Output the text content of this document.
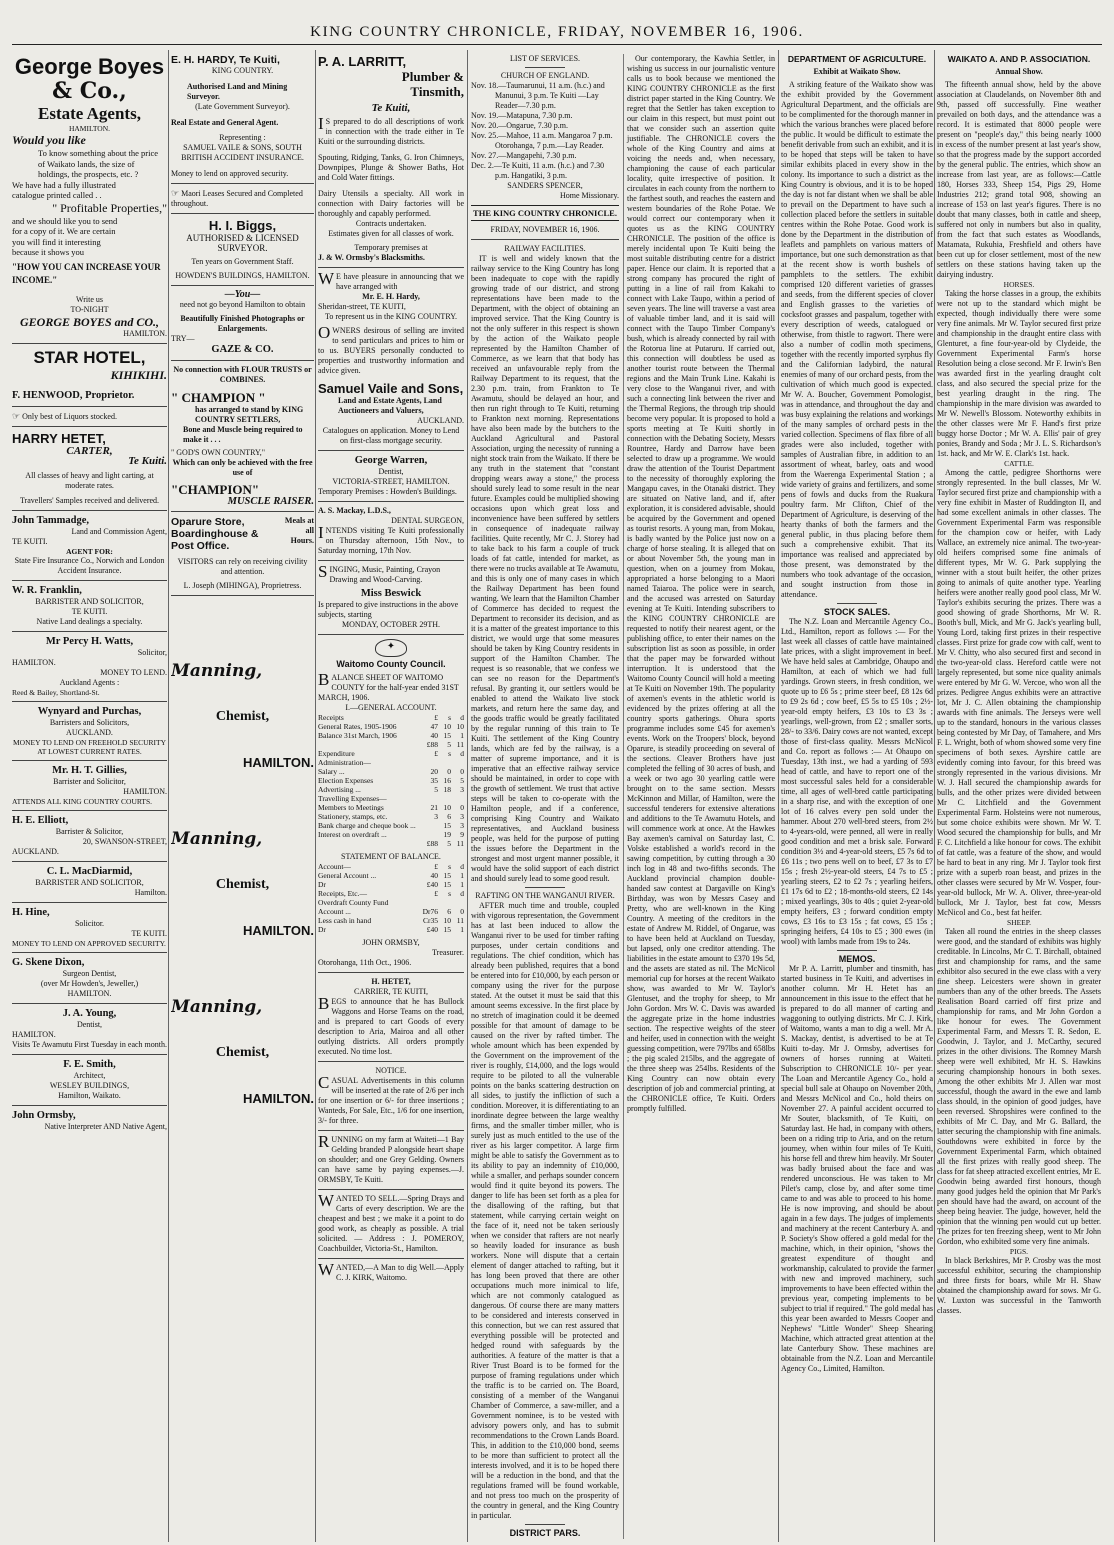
KING COUNTRY CHRONICLE, FRIDAY, NOVEMBER 16, 1906.
George Boyes
& Co.,
Estate Agents,
HAMILTON.
Would you like
To know something about the price of Waikato lands, the size of holdings, the prospects, etc. ?
We have had a fully illustrated catalogue printed called . .
" Profitable Properties,"
and we should like you to send for a copy of it. We are certain you will find it interesting because it shows you
"HOW YOU CAN INCREASE YOUR INCOME."
Write us
TO-NIGHT
GEORGE BOYES and CO.,
HAMILTON.
STAR HOTEL,
KIHIKIHI.
F. HENWOOD, Proprietor.
☞ Only best of Liquors stocked.
HARRY HETET,
CARTER,
Te Kuiti.
All classes of heavy and light carting, at moderate rates.
Travellers' Samples received and delivered.
John Tammadge,
Land and Commission Agent,
TE KUITI.
AGENT FOR:
State Fire Insurance Co., Norwich and London Accident Insurance.
W. R. Franklin,
BARRISTER AND SOLICITOR,
TE KUITI.
Native Land dealings a specialty.
Mr Percy H. Watts,
Solicitor,
HAMILTON.
MONEY TO LEND.
Auckland Agents :
Reed & Bailey, Shortland-St.
Wynyard and Purchas,
Barristers and Solicitors,
AUCKLAND.
MONEY TO LEND ON FREEHOLD SECURITY AT LOWEST CURRENT RATES.
Mr. H. T. Gillies,
Barrister and Solicitor,
HAMILTON.
ATTENDS ALL KING COUNTRY COURTS.
H. E. Elliott,
Barrister & Solicitor,
20, SWANSON-STREET,
AUCKLAND.
C. L. MacDiarmid,
BARRISTER AND SOLICITOR,
Hamilton.
H. Hine,
Solicitor.
TE KUITI.
MONEY TO LEND ON APPROVED SECURITY.
G. Skene Dixon,
Surgeon Dentist,
(over Mr Howden's, Jeweller,)
HAMILTON.
J. A. Young,
Dentist,
HAMILTON.
Visits Te Awamutu First Tuesday in each month.
F. E. Smith,
Architect,
WESLEY BUILDINGS,
Hamilton, Waikato.
John Ormsby,
Native Interpreter AND Native Agent,
E. H. HARDY, Te Kuiti,
KING COUNTRY.
Authorised Land and Mining Surveyor.
(Late Government Surveyor).
Real Estate and General Agent.
Representing :
SAMUEL VAILE & SONS, SOUTH BRITISH ACCIDENT INSURANCE.
Money to lend on approved security.
☞ Maori Leases Secured and Completed throughout.
H. I. Biggs,
AUTHORISED & LICENSED SURVEYOR.
Ten years on Government Staff.
HOWDEN'S BUILDINGS, HAMILTON.
—You—
need not go beyond Hamilton to obtain
Beautifully Finished Photographs or Enlargements.
TRY—
GAZE & CO.
No connection with FLOUR TRUSTS or COMBINES.
" CHAMPION "
has arranged to stand by KING COUNTRY SETTLERS,
Bone and Muscle being required to make it . . .
" GOD'S OWN COUNTRY,"
Which can only be achieved with the free use of
"CHAMPION"
MUSCLE RAISER.
Oparure Store, Boardinghouse & Post Office.
Meals at all Hours.
VISITORS can rely on receiving civility and attention.
L. Joseph (MIHINGA), Proprietress.
Manning,
Chemist,
HAMILTON.
Manning,
Chemist,
HAMILTON.
Manning,
Chemist,
HAMILTON.
P. A. LARRITT,
Plumber & Tinsmith,
Te Kuiti,
IS prepared to do all descriptions of work in connection with the trade either in Te Kuiti or the surrounding districts.
Spouting, Ridging, Tanks, G. Iron Chimneys, Downpipes, Plunge & Shower Baths, Hot and Cold Water fittings.
Dairy Utensils a specialty. All work in connection with Dairy factories will be thoroughly and capably performed.
Contracts undertaken.
Estimates given for all classes of work.
Temporary premises at
J. & W. Ormsby's Blacksmiths.
WE have pleasure in announcing that we have arranged with
Mr. E. H. Hardy,
Sheridan-street, TE KUITI,
To represent us in the KING COUNTRY.
OWNERS desirous of selling are invited to send particulars and prices to him or to us. BUYERS personally conducted to properties and trustworthy information and advice given.
Samuel Vaile and Sons,
Land and Estate Agents, Land Auctioneers and Valuers,
AUCKLAND.
Catalogues on application. Money to Lend on first-class mortgage security.
George Warren,
Dentist,
VICTORIA-STREET, HAMILTON.
Temporary Premises : Howden's Buildings.
A. S. Mackay, L.D.S.,
DENTAL SURGEON,
INTENDS visiting Te Kuiti professionally on Thursday afternoon, 15th Nov., to Saturday morning, 17th Nov.
SINGING, Music, Painting, Crayon Drawing and Wood-Carving.
Miss Beswick
Is prepared to give instructions in the above subjects, starting
MONDAY, OCTOBER 29TH.
✦
Waitomo County Council.
BALANCE SHEET OF WAITOMO COUNTY for the half-year ended 31ST MARCH, 1906.
I.—GENERAL ACCOUNT.
Receipts	£	s	d
General Rates, 1905-1906	47	10	10
Balance 31st March, 1906	40	15	1
	£88	5	11
Expenditure	£	s	d
Administration—			
Salary ...	20	0	0
Election Expenses	35	16	5
Advertising ...	5	18	3
Travelling Expenses—			
Members to Meetings	21	10	0
Stationery, stamps, etc.	3	6	3
Bank charge and cheque book ...		15	3
Interest on overdraft ...		19	9
	£88	5	11
STATEMENT OF BALANCE.
Account—	£	s	d
General Account ...	40	15	1
Dr	£40	15	1
Receipts, Etc.—	£	s	d
Overdraft County Fund			
Account ...	Dr76	6	0
Less cash in hand	Cr35	10	11
Dr	£40	15	1
JOHN ORMSBY,
Treasurer.
Otorohanga, 11th Oct., 1906.
H. HETET,
CARRIER, TE KUITI,
BEGS to announce that he has Bullock Waggons and Horse Teams on the road, and is prepared to cart Goods of every description to Aria, Mairoa and all other outlying districts. All orders promptly executed. No time lost.
NOTICE.
CASUAL Advertisements in this column will be inserted at the rate of 2/6 per inch for one insertion or 6/- for three insertions ; Wanteds, For Sale, Etc., 1/6 for one insertion, 3/- for three.
RUNNING on my farm at Waiteti—1 Bay Gelding branded P alongside heart shape on shoulder; and one Grey Gelding. Owners can have same by paying expenses.—J. ORMSBY, Te Kuiti.
WANTED TO SELL.—Spring Drays and Carts of every description. We are the cheapest and best ; we make it a point to do good work, as cheaply as possible. A trial solicited. — Address : J. POMEROY, Coachbuilder, Victoria-St., Hamilton.
WANTED,—A Man to dig Well.—Apply C. J. KIRK, Waitomo.
LIST OF SERVICES.
CHURCH OF ENGLAND.
Nov. 18.—Taumarunui, 11 a.m. (h.c.) and Manunui, 3 p.m. Te Kuiti —Lay Reader—7.30 p.m.
Nov. 19.—Matapuna, 7.30 p.m.
Nov. 20.—Ongarue, 7.30 p.m.
Nov. 25.—Mahoe, 11 a.m. Mangaroa 7 p.m. Otorohanga, 7 p.m.—Lay Reader.
Nov. 27.—Mangapehi, 7.30 p.m.
Dec. 2.—Te Kuiti, 11 a.m. (h.c.) and 7.30 p.m. Hangatiki, 3 p.m.
SANDERS SPENCER,
Home Missionary.
THE KING COUNTRY CHRONICLE.
FRIDAY, NOVEMBER 16, 1906.
RAILWAY FACILITIES.
IT is well and widely known that the railway service to the King Country has long been inadequate to cope with the rapidly growing trade of our district, and strong representations have been made to the Department, with the object of obtaining an improved service. That the King Country is not the only sufferer in this respect is shown by the action of the Waikato people represented by the Hamilton Chamber of Commerce, as we learn that that body has received an unfavourable reply from the Railway Department to its request, that the 2.30 p.m. train, from Frankton to Te Awamutu, should be delayed an hour, and then run right through to Te Kuiti, returning to Frankton next morning. Representations have also been made by the butchers to the Auckland Agricultural and Pastoral Association, urging the necessity of running a night stock train from the Waikato. If there be any truth in the statement that "constant dropping wears away a stone," the process should surely lead to some result in the near future. Examples could be multiplied showing occasions upon which great loss and inconvenience have been suffered by settlers in consequence of inadequate railway facilities. Quite recently, Mr C. J. Storey had to take back to his farm a couple of truck loads of fat cattle, intended for market, as there were no trucks available at Te Awamutu, and this is only one of many cases in which the Railway Department has been found wanting. We learn that the Hamilton Chamber of Commerce has decided to request the Department to reconsider its decision, and as it is a matter of the greatest importance to this district, we would urge that some measures should be taken by King Country residents in support of the Hamilton Chamber. The request is so reasonable, that we confess we can see no reason for the Department's refusal. By granting it, our settlers would be enabled to attend the Waikato live stock markets, and return here the same day, and the goods traffic would be greatly facilitated by the regular running of this train to Te Kuiti. The settlement of the King Country lands, which are fed by the railway, is a matter of supreme importance, and it is imperative that an effective railway service should be maintained, in order to cope with the growth of settlement. We trust that active steps will be taken to co-operate with the Hamilton people, and if a conference, comprising King Country and Waikato representatives, and Auckland business people, was held for the purpose of putting the issues before the Department in the strongest and most urgent manner possible, it would have the solid support of each district and should surely lead to some good result.
RAFTING ON THE WANGANUI RIVER.
AFTER much time and trouble, coupled with vigorous representation, the Government has at last been induced to allow the Wanganui river to be used for timber rafting purposes, under certain conditions and regulations. The chief condition, which has already been published, requires that a bond be entered into for £10,000, by each person or company using the river for the purpose stated. At the outset it must be said that this amount seems excessive. In the first place by no stretch of imagination could it be deemed possible for that amount of damage to be caused on the river by rafted timber. The whole amount which has been expended by the Government on the improvement of the river is roughly, £14,000, and the logs would require to be piloted to all the vulnerable points on the banks scattering destruction on all sides, to justify the infliction of such a condition. Moreover, it is differentiating to an inordinate degree between the large wealthy firms, and the smaller timber miller, who is surely just as much entitled to the use of the river as his larger competitor. A large firm might be able to satisfy the Government as to its ability to pay an indemnity of £10,000, while a smaller, and perhaps sounder concern would find it quite beyond its powers. The danger to life has been set forth as a plea for the disallowing of the rafting, but that statement, while carrying certain weight on the face of it, need not be taken seriously when we consider that rafters are not nearly so heavily loaded for insurance as bush workers. None will dispute that a certain element of danger attached to rafting, but it has long been proved that there are other occupations much more inimical to life, which are not commonly catalogued as dangerous. Of course there are many matters to be considered and interests conserved in this connection, but we can rest assured that everything possible will be protected and hedged round with safeguards by the authorities. A feature of the matter is that a River Trust Board is to be formed for the purpose of framing regulations under which the traffic is to be carried on. The Board, consisting of a member of the Wanganui Chamber of Commerce, a saw-miller, and a Government nominee, is to be vested with advisory powers only, and has to submit recommendations to the Crown Lands Board. This, in addition to the £10,000 bond, seems to be more than sufficient to protect all the interests involved, and it is to be hoped there will be a reduction in the bond, and that the regulations framed will be found workable, and not press too much on the prosperity of the country in general, and the King Country in particular.
DISTRICT PARS.
Our contemporary, the Kawhia Settler, in wishing us success in our journalistic venture calls us to book because we mentioned the KING COUNTRY CHRONICLE as the first district paper started in the King Country. We regret that the Settler has taken exception to our claim in this respect, but must point out that we consider such an assertion quite justifiable. The CHRONICLE covers the whole of the King Country and aims at voicing the needs and, when necessary, championing the cause of each particular locality, quite irrespective of position. It circulates in each county from the northern to the farthest south, and reaches the eastern and western boundaries of the Rohe Potae. We would correct our contemporary when it quotes us as the KING COUNTRY CHRONICLE. The position of the office is merely incidental upon Te Kuiti being the most suitable distributing centre for a district paper. Hence our claim. It is reported that a strong company has procured the right of putting in a line of rail from Kakahi to connect with Lake Taupo, within a period of seven years. The line will traverse a vast area of valuable timber land, and it is said will connect with the Taupo Timber Company's bush, which is already connected by rail with the Rotorua line at Putaruru. If carried out, this connection will doubtless be used as another tourist route between the Thermal regions and the Main Trunk Line. Kakahi is very close to the Wanganui river, and with such a connecting link between the river and the Thermal Regions, the through trip should become very popular. It is proposed to hold a sports meeting at Te Kuiti shortly in connection with the Debating Society, Messrs Rountree, Hardy and Darrow have been selected to draw up a programme. We would draw the attention of the Tourist Department to the necessity of thoroughly exploring the Mangapu caves, in the Otanaki district. They are situated on Native land, and if, after exploration, it is considered advisable, should be acquired by the Government and opened as tourist resorts. A young man, from Mokau, is badly wanted by the Police just now on a charge of horse stealing. It is alleged that on or about November 5th, the young man in question, when on a journey from Mokau, appropriated a horse belonging to a Maori named Taiaroa. The police were in search, and the accused was arrested on Saturday evening at Te Kuiti. Intending subscribers to the KING COUNTRY CHRONICLE are requested to notify their nearest agent, or the publishing office, to enter their names on the subscription list as soon as possible, in order that the paper may be forwarded without interruption. It is understood that the Waitomo County Council will hold a meeting at Te Kuiti on November 19th. The popularity of axemen's events in the athletic world is evidenced by the prizes offering at all the country sports gatherings. Ohura sports programme includes some £45 for axemen's events. Work on the Troopers' block, beyond Oparure, is steadily proceeding on several of the sections. Cleaver Brothers have just completed the felling of 30 acres of bush, and a week or two ago 30 yearling cattle were brought on to the same section. Messrs McKinnon and Millar, of Hamilton, were the successful tenderers for extensive alterations and additions to the Te Awamutu Hotels, and will commence work at once. At the Hawkes Bay axemen's carnival on Saturday last, C. Volske established a world's record in the sawing competition, by cutting through a 30 inch log in 48 and two-fifths seconds. The Auckland provincial champion double-handed saw contest at Dargaville on King's Birthday, was won by Messrs Casey and Pretty, who are well-known in the King Country. A meeting of the creditors in the estate of Andrew M. Riddel, of Ongarue, was to have been held at Auckland on Tuesday, but lapsed, only one creditor attending. The liabilities in the estate amount to £370 19s 5d, and the assets are stated as nil. The McNicol memorial cup for horses at the recent Waikato show, was awarded to Mr W. Taylor's Glentuset, and the trophy for sheep, to Mr John Gordon. Mrs W. C. Davis was awarded the aggregate prize in the home industries section. The respective weights of the steer and heifer, used in connection with the weight guessing competition, were 797lbs and 658lbs ; the pig scaled 215lbs, and the aggregate of the three sheep was 254lbs. Residents of the King Country can now obtain every description of job and commercial printing, at the CHRONICLE office, Te Kuiti. Orders promptly fulfilled.
DEPARTMENT OF AGRICULTURE.
Exhibit at Waikato Show.
A striking feature of the Waikato show was the exhibit provided by the Government Agricultural Department, and the officials are to be complimented for the thorough manner in which the various branches were placed before the public. It would be difficult to estimate the benefit derivable from such an exhibit, and it is to be hoped that steps will be taken to have similar exhibits placed in every show in the colony. Its importance to such a district as the King Country is obvious, and it is to be hoped the day is not far distant when we shall be able to prevail on the Department to have such a collection placed before the settlers in suitable centres within the Rohe Potae. Good work is done by the Department in the distribution of leaflets and pamphlets on various matters of importance, but one such demonstration as that at the recent show is worth bushels of pamphlets to the settlers. The exhibit comprised 120 different varieties of grasses and seeds, from the different species of clover and English grasses to the varieties of cocksfoot grasses and paspalum, together with every description of weeds, catalogued or otherwise, from thistle to ragwort. There were also a number of codlin moth specimens, together with the recently imported syrphus fly and the Californian ladybird, the natural enemies of many of our orchard pests, from the cultivation of which much good is expected. Mr W. A. Boucher, Government Pomologist, was in attendance, and throughout the day and was busy explaining the relations and workings of the many samples of orchard pests in the varied collection. Specimens of flax fibre of all grades were also included, together with samples of Australian fibre, in addition to an assortment of wheat, barley, oats and wood from the Waerenga Experimental Station ; a wide variety of grains and fertilizers, and some pens of fowls and ducks from the Ruakura poultry farm. Mr Clifton, Chief of the Department of Agriculture, is deserving of the hearty thanks of both the farmers and the general public, in thus placing before them such a comprehensive exhibit. That its importance was realised and appreciated by those present, was demonstrated by the numbers who took advantage of the occasion, and sought instruction from those in attendance.
STOCK SALES.
The N.Z. Loan and Mercantile Agency Co., Ltd., Hamilton, report as follows :— For the last week all classes of cattle have maintained late prices, with a slight improvement in beef. We have held sales at Cambridge, Ohaupo and Hamilton, at each of which we had full yardings. Grown steers, in fresh condition, we quote up to £6 5s ; prime steer beef, £8 12s 6d to £9 2s 6d ; cow beef, £5 5s to £5 10s ; 2½-year-old empty heifers, £3 10s to £3 3s ; yearlings, well-grown, from £2 ; smaller sorts, 28/- to 33/6. Dairy cows are not wanted, except those of first-class quality. Messrs McNicol and Co. report as follows :— At Ohaupo on Tuesday, 13th inst., we had a yarding of 593 head of cattle, and have to report one of the most successful sales held for a considerable time, all ages of well-bred cattle participating in a sharp rise, and with the exception of one lot of 16 calves every pen sold under the hammer. About 270 well-bred steers, from 2½ to 4-years-old, were penned, all were in really good condition and met a brisk sale. Forward condition 3½ and 4-year-old steers, £5 7s 6d to £6 11s ; two pens well on to beef, £7 3s to £7 15s ; fresh 2½-year-old steers, £4 7s to £5 ; yearling steers, £2 to £2 7s ; yearling heifers, £1 17s 6d to £2 ; 18-months-old steers, £2 14s ; mixed yearlings, 30s to 40s ; quiet 2-year-old empty heifers, £3 ; forward condition empty cows, £3 16s to £3 15s ; fat cows, £5 15s ; springing heifers, £4 10s to £5 ; 300 ewes (in wool) with lambs made from 19s to 24s.
MEMOS.
Mr P. A. Larritt, plumber and tinsmith, has started business in Te Kuiti, and advertises in another column. Mr H. Hetet has an announcement in this issue to the effect that he is prepared to do all manner of carting and waggoning to outlying districts. Mr C. J. Kirk, of Waitomo, wants a man to dig a well. Mr A. S. Mackay, dentist, is advertised to be at Te Kuiti to-day. Mr J. Ormsby, advertises for owners of horses running at Waiteti. Subscription to CHRONICLE 10/- per year. The Loan and Mercantile Agency Co., hold a special bull sale at Ohaupo on November 20th, and Messrs McNicol and Co., hold theirs on November 27. A painful accident occurred to Mr Souter, blacksmith, of Te Kuiti, on Saturday last. He had, in company with others, been on a riding trip to Aria, and on the return journey, when within four miles of Te Kuiti, his horse fell and threw him heavily. Mr Souter was badly bruised about the face and was rendered unconscious. He was taken to Mr Pilet's camp, close by, and after some time came to and was able to proceed to his home. He is now improving, and should be about again in a few days. The judges of implements and machinery at the recent Canterbury A. and P. Society's Show offered a gold medal for the machine, which, in their opinion, "shows the greatest expenditure of thought and workmanship, calculated to provide the farmer with new and improved machinery, such improvements to have been effected within the previous year, competing implements to be subject to trial if required." The gold medal has this year been awarded to Messrs Cooper and Nephews' "Little Wonder" Sheep Shearing Machine, which attracted great attention at the late Canterbury Show. These machines are obtainable from the N.Z. Loan and Mercantile Agency Co., Limited, Hamilton.
WAIKATO A. AND P. ASSOCIATION.
Annual Show.
The fifteenth annual show, held by the above association at Claudelands, on November 8th and 9th, passed off successfully. Fine weather prevailed on both days, and the attendance was a record. It is estimated that 8000 people were present on "people's day," this being nearly 1000 in excess of the number present at last year's show, so that the progress made by the support accorded by the general public. The entries, which show an increase from last year, are as follows:—Cattle 180, Horses 333, Sheep 154, Pigs 29, Home Industries 212; grand total 908, showing an increase of 153 on last year's figures. There is no doubt that many classes, both in cattle and sheep, suffered not only in numbers but also in quality, from the fact that such estates as Woodlands, Matamata, Rukuhia, Freshfield and others have been cut up for closer settlement, most of the new settlers on these stations having taken up the dairying industry.
HORSES.
Taking the horse classes in a group, the exhibits were not up to the standard which might be expected, though individually there were some very fine animals. Mr W. Taylor secured first prize and championship in the draught entire class with Glenturet, a fine four-year-old by Clydeide, the Government Experimental Farm's horse Resolution being a close second. Mr F. Irwin's Ben was awarded first in the yearling draught colt class, and also secured the special prize for the best yearling draught in the ring. The championship in the mare division was awarded to Mr W. Newell's Blossom. Noteworthy exhibits in the other classes were Mr F. Hand's first prize buggy horse Doctor ; Mr W. A. Ellis' pair of grey ponies, Brandy and Soda ; Mr J. L. S. Richardson's 1st. hack, and Mr W. E. Clark's 1st. hack.
CATTLE.
Among the cattle, pedigree Shorthorns were strongly represented. In the bull classes, Mr W. Taylor secured first prize and championship with a very fine exhibit in Master of Ruddington II, and had some excellent animals in other classes. The Government Experimental Farm was responsible for the champion cow or heifer, with Lady Wallace, an extremely nice animal. The two-year-old heifers comprised some fine animals of different types, Mr W. G. Park supplying the winner with a stout built heifer, the other prizes going to animals of quite another type. Yearling heifers were another really good pool class, Mr W. Taylor's exhibits securing the prizes. There was a good showing of grade Shorthorns, Mr W. R. Booth's bull, Mick, and Mr G. Jack's yearling bull, Young Lord, taking first prizes in their respective classes. First prize for grade cow with calf, went to Mr V. Chitty, who also secured first and second in the two-year-old class. Hereford cattle were not largely represented, but some nice quality animals were entered by Mr G. W. Vercoe, who won all the prizes. Pedigree Angus exhibits were an attractive lot, Mr J. C. Allen obtaining the championship awards with fine animals. The Jerseys were well up to the standard, honours in the various classes being contested by Mr Day, of Tamahere, and Mrs F. L. Wright, both of whom showed some very fine specimens of both sexes. Ayrshire cattle are evidently coming into favour, for this breed was strongly represented in the various divisions. Mr W. J. Hall secured the championship awards for bulls, and the other prizes were divided between Mr C. Litchfield and the Government Experimental Farm. Holsteins were not numerous, but some choice exhibits were shown. Mr W. T. Wood secured the championship for bulls, and Mr F. C. Litchfield a like honour for cows. The exhibit of fat cattle, was a feature of the show, and would be hard to beat in any ring. Mr J. Taylor took first prize with a superb roan beast, and prizes in the other classes were secured by Mr W. Vosper, four-year-old bullock, Mr W. A. Oliver, three-year-old bullock, Mr J. Taylor, best fat cow, Messrs McNicol and Co., best fat heifer.
SHEEP.
Taken all round the entries in the sheep classes were good, and the standard of exhibits was highly creditable. In Lincolns, Mr C. T. Birchall, obtained first and championship for rams, and the same exhibitor also secured in the ewe class with a very fine sheep. Leicesters were shown in greater numbers than any of the other breeds. The Assets Realisation Board carried off first prize and championship for rams, and Mr John Gordon a like honour for ewes. The Government Experimental Farm, and Messrs T. R. Sedon, E. Goodwin, J. Taylor, and J. McCarthy, secured prizes in the other divisions. The Romney Marsh sheep were well exhibited, Mr H. S. Hawkins securing championship honours in both sexes. Among the other exhibits Mr J. Allen war most successful, though the award in the ewe and lamb class should, in the opinion of good judges, have been reversed. Shropshires were confined to the exhibits of Mr C. Day, and Mr G. Ballard, the latter securing the championship with fine animals. Southdowns were exhibited in force by the Government Experimental Farm, which obtained all the first prizes with really good sheep. The class for fat sheep attracted excellent entries, Mr E. Goodwin being awarded first honours, though many good judges held the opinion that Mr Park's pen should have had the award, on account of the sheep being heavier. The judge, however, held the opinion that the winning pen would cut up better. The prizes for ten freezing sheep, went to Mr John Gordon, who exhibited some very fine animals.
PIGS.
In black Berkshires, Mr P. Crosby was the most successful exhibitor, securing the championship and three firsts for boars, while Mr H. Shaw obtained the championship award for sows. Mr G. W. Luxton was successful in the Tamworth classes.
